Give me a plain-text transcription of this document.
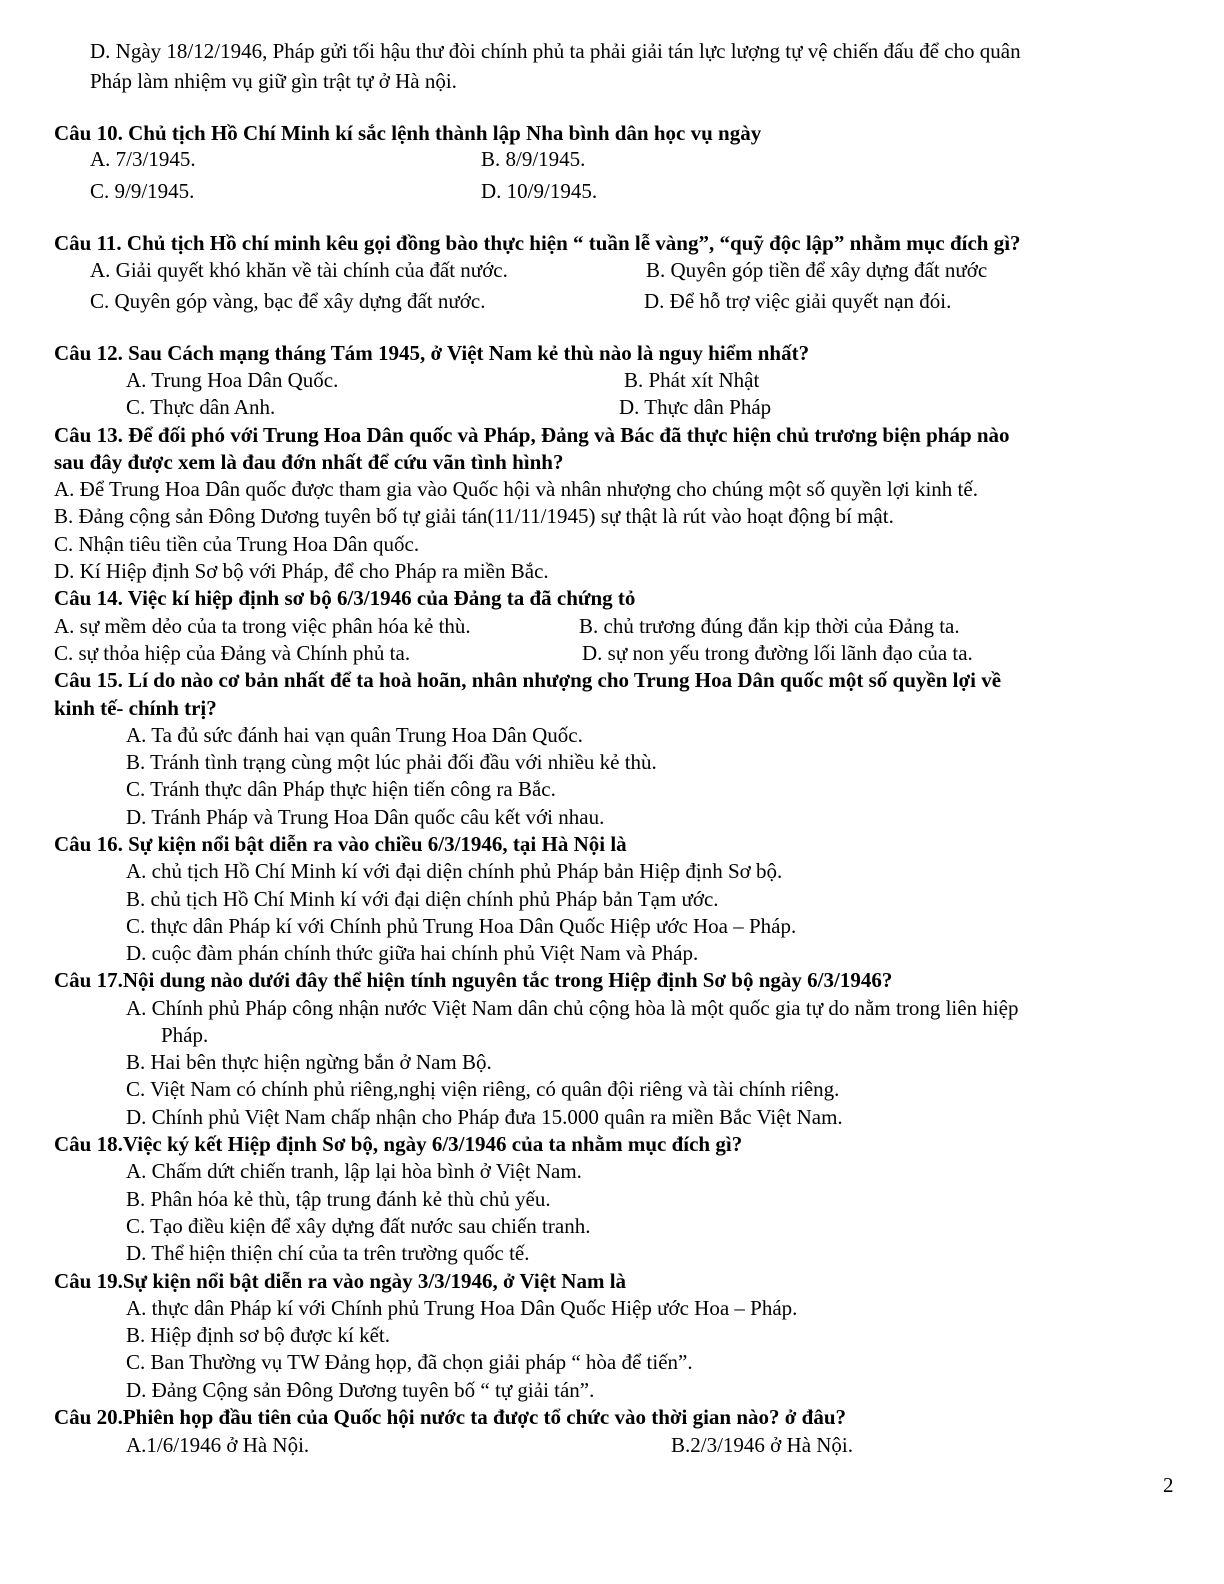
D. Ngày 18/12/1946, Pháp gửi tối hậu thư đòi chính phủ ta phải giải tán lực lượng tự vệ chiến đấu để cho quân
Pháp làm nhiệm vụ giữ gìn trật tự ở Hà nội.
Câu 10. Chủ tịch Hồ Chí Minh kí sắc lệnh thành lập Nha bình dân học vụ ngày
A. 7/3/1945.	B. 8/9/1945.
C. 9/9/1945.	D. 10/9/1945.
Câu 11. Chủ tịch Hồ chí minh kêu gọi đồng bào thực hiện “ tuần lễ vàng”, “quỹ độc lập” nhằm mục đích gì?
A. Giải quyết khó khăn về tài chính của đất nước.	B. Quyên góp tiền để xây dựng đất nước
C. Quyên góp vàng, bạc để xây dựng đất nước.	D. Để hỗ trợ việc giải quyết nạn đói.
Câu 12. Sau Cách mạng tháng Tám 1945, ở Việt Nam kẻ thù nào là nguy hiểm nhất?
A. Trung Hoa Dân Quốc.	B. Phát xít Nhật
C. Thực dân Anh.	D. Thực dân Pháp
Câu 13. Để đối phó với Trung Hoa Dân quốc và Pháp, Đảng và Bác đã thực hiện chủ trương biện pháp nào
sau đây được xem là đau đớn nhất để cứu vãn tình hình?
A. Để Trung Hoa Dân quốc được tham gia vào Quốc hội và nhân nhượng cho chúng một số quyền lợi kinh tế.
B. Đảng cộng sản Đông Dương tuyên bố tự giải tán(11/11/1945) sự thật là rút vào hoạt động bí mật.
C. Nhận tiêu tiền của Trung Hoa Dân quốc.
D. Kí Hiệp định Sơ bộ với Pháp, để cho Pháp ra miền Bắc.
Câu 14. Việc kí hiệp định sơ bộ 6/3/1946 của Đảng ta đã chứng tỏ
A. sự mềm dẻo của ta trong việc phân hóa kẻ thù.	B. chủ trương đúng đắn kịp thời của Đảng ta.
C. sự thỏa hiệp của Đảng và Chính phủ ta.	D. sự non yếu trong đường lối lãnh đạo của ta.
Câu 15. Lí do nào cơ bản nhất để ta hoà hoãn, nhân nhượng cho Trung Hoa Dân quốc một số quyền lợi về
kinh tế- chính trị?
A. Ta đủ sức đánh hai vạn quân Trung Hoa Dân Quốc.
B. Tránh tình trạng cùng một lúc phải đối đầu với nhiều kẻ thù.
C. Tránh thực dân Pháp thực hiện tiến công ra Bắc.
D. Tránh Pháp và Trung Hoa Dân quốc câu kết với nhau.
Câu 16. Sự kiện nổi bật diễn ra vào chiều 6/3/1946, tại Hà Nội là
A. chủ tịch Hồ Chí Minh kí với đại diện chính phủ Pháp bản Hiệp định Sơ bộ.
B. chủ tịch Hồ Chí Minh kí với đại diện chính phủ Pháp bản Tạm ước.
C. thực dân Pháp kí với Chính phủ Trung Hoa Dân Quốc Hiệp ước Hoa – Pháp.
D. cuộc đàm phán chính thức giữa hai chính phủ Việt Nam và Pháp.
Câu 17.Nội dung nào dưới đây thể hiện tính nguyên tắc trong Hiệp định Sơ bộ ngày 6/3/1946?
A. Chính phủ Pháp công nhận nước Việt Nam dân chủ cộng hòa là một quốc gia tự do nằm trong liên hiệp
Pháp.
B. Hai bên thực hiện ngừng bắn ở Nam Bộ.
C. Việt Nam có chính phủ riêng,nghị viện riêng, có quân đội riêng và tài chính riêng.
D. Chính phủ Việt Nam chấp nhận cho Pháp đưa 15.000 quân ra miền Bắc Việt Nam.
Câu 18.Việc ký kết Hiệp định Sơ bộ, ngày 6/3/1946 của ta nhằm mục đích gì?
A. Chấm dứt chiến tranh, lập lại hòa bình ở Việt Nam.
B. Phân hóa kẻ thù, tập trung đánh kẻ thù chủ yếu.
C. Tạo điều kiện để xây dựng đất nước sau chiến tranh.
D. Thể hiện thiện chí của ta trên trường quốc tế.
Câu 19.Sự kiện nổi bật diễn ra vào ngày 3/3/1946, ở Việt Nam là
A. thực dân Pháp kí với Chính phủ Trung Hoa Dân Quốc Hiệp ước Hoa – Pháp.
B. Hiệp định sơ bộ được kí kết.
C. Ban Thường vụ TW Đảng họp, đã chọn giải pháp “ hòa để tiến”.
D. Đảng Cộng sản Đông Dương tuyên bố “ tự giải tán”.
Câu 20.Phiên họp đầu tiên của Quốc hội nước ta được tổ chức vào thời gian nào? ở đâu?
A.1/6/1946 ở Hà Nội.	B.2/3/1946 ở Hà Nội.
2
